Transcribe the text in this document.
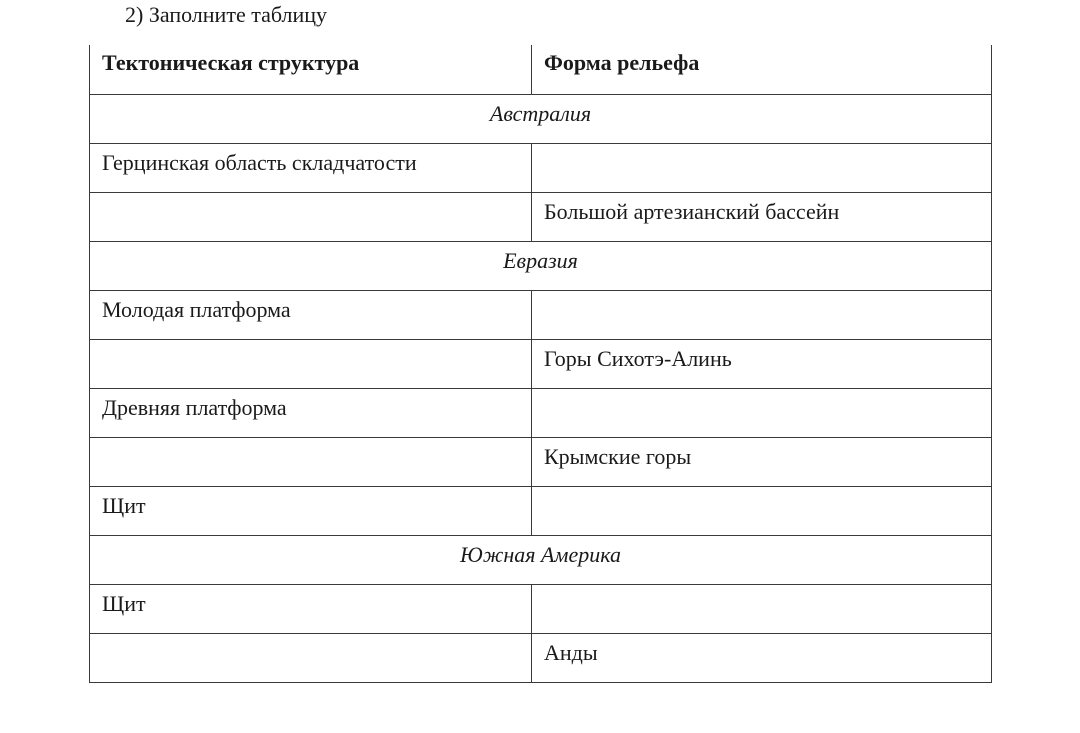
2) Заполните таблицу
Тектоническая структура	Форма рельефа
Австралия	
Герцинская область складчатости	
	Большой артезианский бассейн
Евразия	
Молодая платформа	
	Горы Сихотэ-Алинь
Древняя платформа	
	Крымские горы
Щит	
Южная Америка	
Щит	
	Анды
